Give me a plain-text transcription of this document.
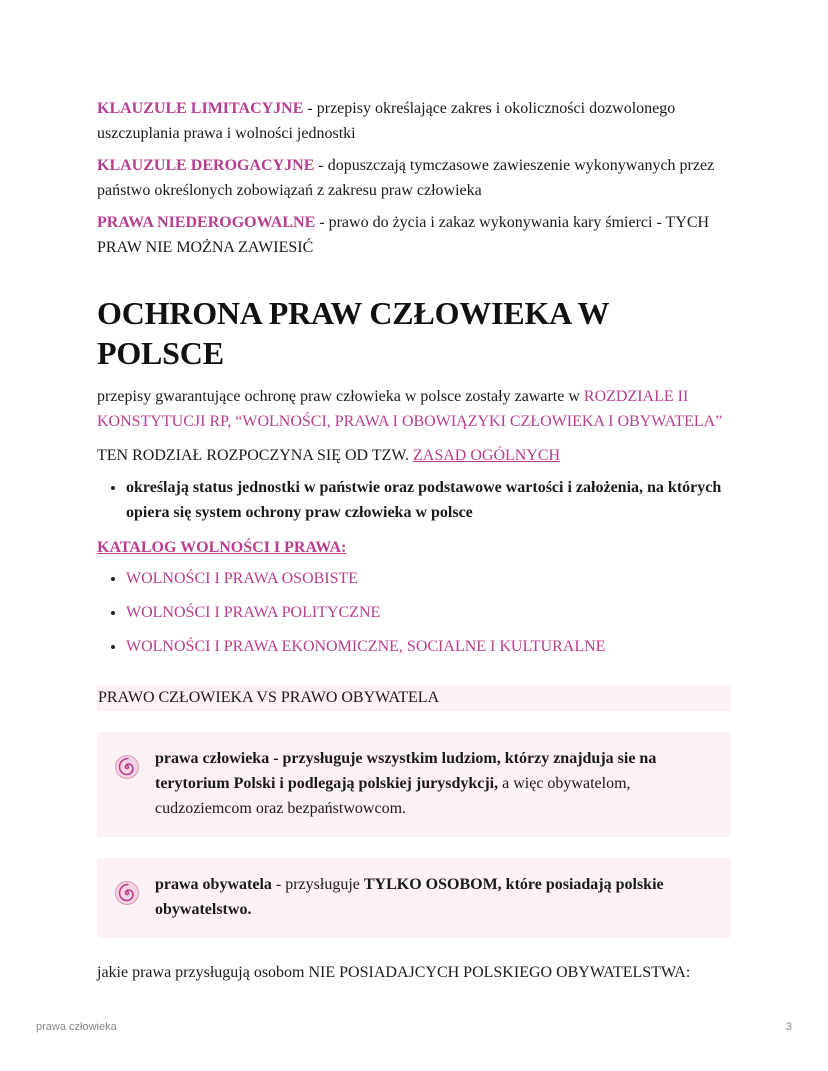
KLAUZULE LIMITACYJNE - przepisy określające zakres i okoliczności dozwolonego uszczuplania prawa i wolności jednostki

KLAUZULE DEROGACYJNE - dopuszczają tymczasowe zawieszenie wykonywanych przez państwo określonych zobowiązań z zakresu praw człowieka

PRAWA NIEDEROGOWALNE - prawo do życia i zakaz wykonywania kary śmierci - TYCH PRAW NIE MOŻNA ZAWIESIĆ

OCHRONA PRAW CZŁOWIEKA W POLSCE

przepisy gwarantujące ochronę praw człowieka w polsce zostały zawarte w ROZDZIALE II KONSTYTUCJI RP, “WOLNOŚCI, PRAWA I OBOWIĄZYKI CZŁOWIEKA I OBYWATELA”

TEN RODZIAŁ ROZPOCZYNA SIĘ OD TZW. ZASAD OGÓLNYCH

• określają status jednostki w państwie oraz podstawowe wartości i założenia, na których opiera się system ochrony praw człowieka w polsce

KATALOG WOLNOŚCI I PRAWA:

• WOLNOŚCI I PRAWA OSOBISTE
• WOLNOŚCI I PRAWA POLITYCZNE
• WOLNOŚCI I PRAWA EKONOMICZNE, SOCIALNE I KULTURALNE
PRAWO CZŁOWIEKA VS PRAWO OBYWATELA
prawa człowieka - przysługuje wszystkim ludziom, którzy znajduja sie na terytorium Polski i podlegają polskiej jurysdykcji, a więc obywatelom, cudzoziemcom oraz bezpaństwowcom.
prawa obywatela - przysługuje TYLKO OSOBOM, które posiadają polskie obywatelstwo.

jakie prawa przysługują osobom NIE POSIADAJCYCH POLSKIEGO OBYWATELSTWA:

prawa człowieka	3
